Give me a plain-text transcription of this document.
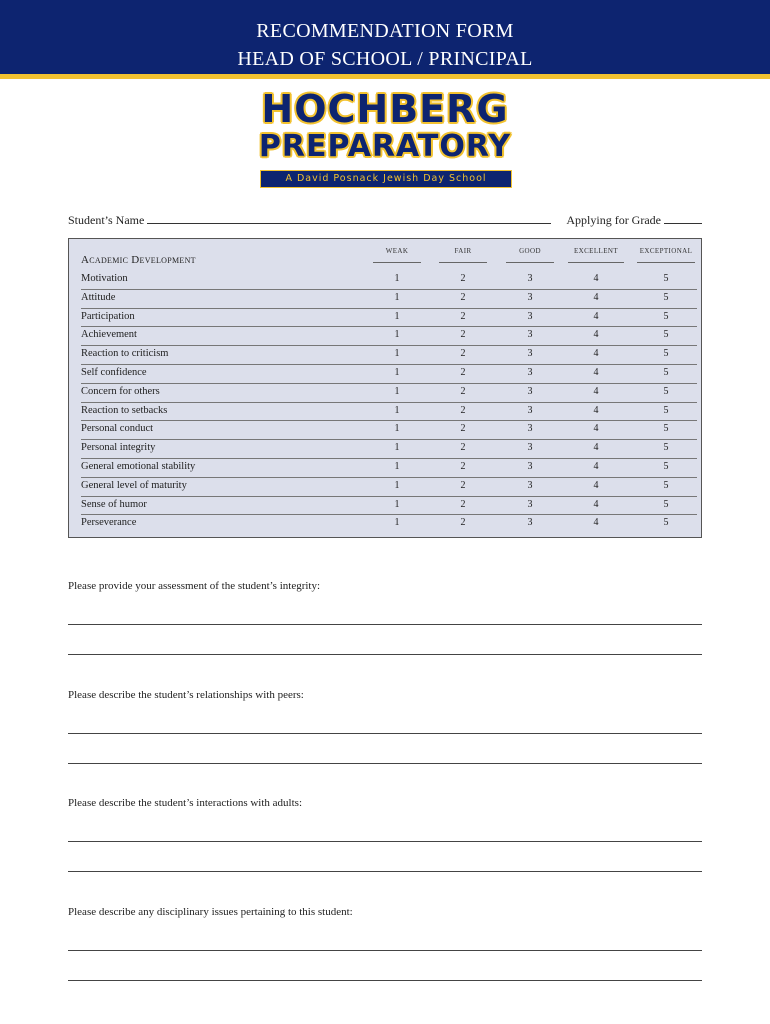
RECOMMENDATION FORM
HEAD OF SCHOOL / PRINCIPAL
HOCHBERG
PREPARATORY
A David Posnack Jewish Day School
Student’s Name	Applying for Grade
Academic Development
WEAK	FAIR	GOOD	EXCELLENT	EXCEPTIONAL
Motivation	1	2	3	4	5
Attitude	1	2	3	4	5
Participation	1	2	3	4	5
Achievement	1	2	3	4	5
Reaction to criticism	1	2	3	4	5
Self confidence	1	2	3	4	5
Concern for others	1	2	3	4	5
Reaction to setbacks	1	2	3	4	5
Personal conduct	1	2	3	4	5
Personal integrity	1	2	3	4	5
General emotional stability	1	2	3	4	5
General level of maturity	1	2	3	4	5
Sense of humor	1	2	3	4	5
Perseverance	1	2	3	4	5
Please provide your assessment of the student’s integrity:
Please describe the student’s relationships with peers:
Please describe the student’s interactions with adults:
Please describe any disciplinary issues pertaining to this student:
